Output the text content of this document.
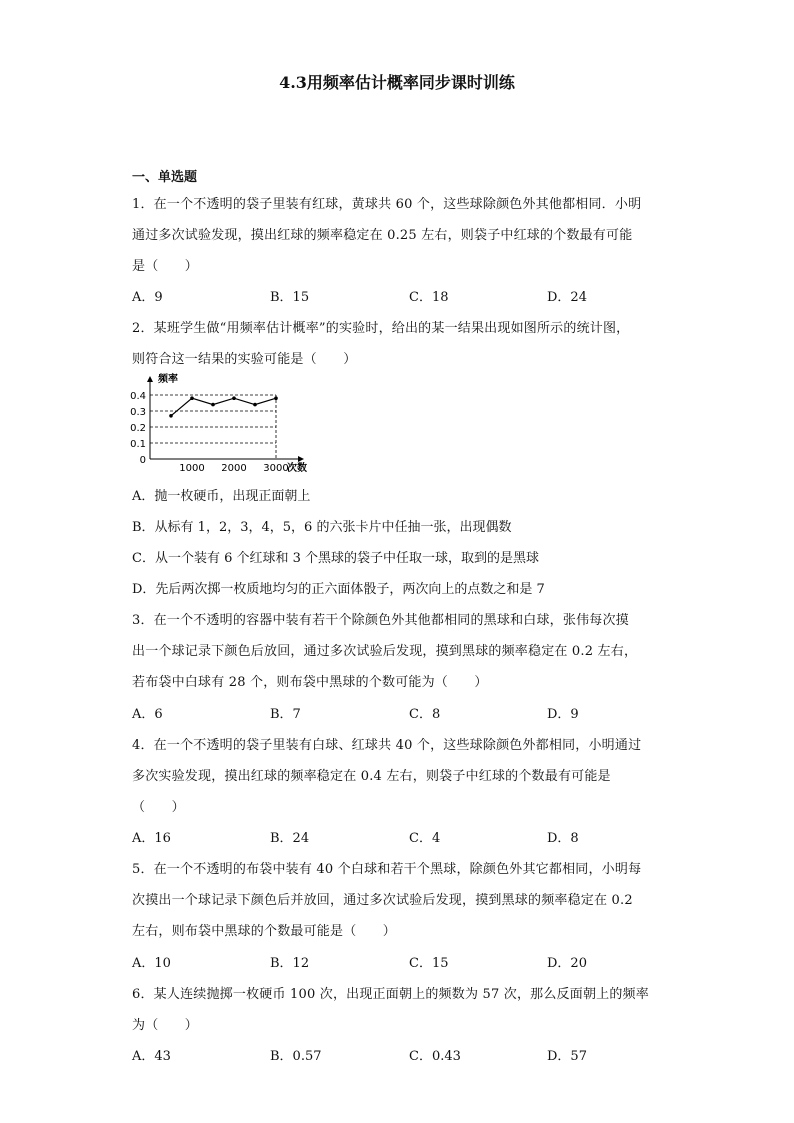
4.3用频率估计概率同步课时训练
一、单选题
1．在一个不透明的袋子里装有红球，黄球共 60 个，这些球除颜色外其他都相同．小明
通过多次试验发现，摸出红球的频率稳定在 0.25 左右，则袋子中红球的个数最有可能
是（　　）
A．9	B．15	C．18	D．24
2．某班学生做“用频率估计概率”的实验时，给出的某一结果出现如图所示的统计图，
则符合这一结果的实验可能是（　　）
0.4
0.3
0.2
0.1
0
1000 2000 3000
频率
次数
A．抛一枚硬币，出现正面朝上
B．从标有 1，2，3，4，5，6 的六张卡片中任抽一张，出现偶数
C．从一个装有 6 个红球和 3 个黑球的袋子中任取一球，取到的是黑球
D．先后两次掷一枚质地均匀的正六面体骰子，两次向上的点数之和是 7
3．在一个不透明的容器中装有若干个除颜色外其他都相同的黑球和白球，张伟每次摸
出一个球记录下颜色后放回，通过多次试验后发现，摸到黑球的频率稳定在 0.2 左右，
若布袋中白球有 28 个，则布袋中黑球的个数可能为（　　）
A．6	B．7	C．8	D．9
4．在一个不透明的袋子里装有白球、红球共 40 个，这些球除颜色外都相同，小明通过
多次实验发现，摸出红球的频率稳定在 0.4 左右，则袋子中红球的个数最有可能是
（　　）
A．16	B．24	C．4	D．8
5．在一个不透明的布袋中装有 40 个白球和若干个黑球，除颜色外其它都相同，小明每
次摸出一个球记录下颜色后并放回，通过多次试验后发现，摸到黑球的频率稳定在 0.2
左右，则布袋中黑球的个数最可能是（　　）
A．10	B．12	C．15	D．20
6．某人连续抛掷一枚硬币 100 次，出现正面朝上的频数为 57 次，那么反面朝上的频率
为（　　）
A．43	B．0.57	C．0.43	D．57
